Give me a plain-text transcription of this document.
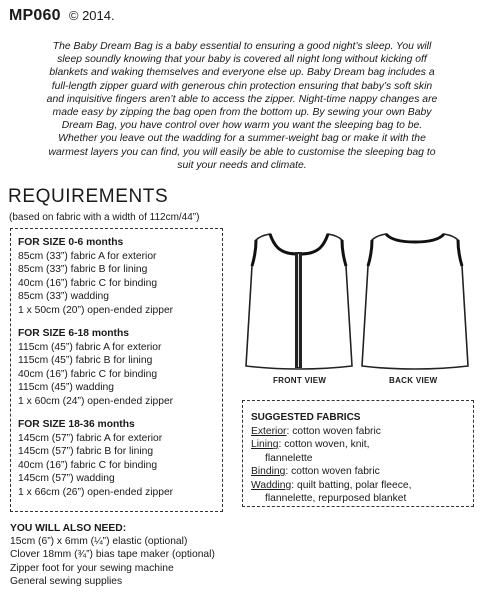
MP060 © 2014.
The Baby Dream Bag is a baby essential to ensuring a good night’s sleep. You will
sleep soundly knowing that your baby is covered all night long without kicking off
blankets and waking themselves and everyone else up. Baby Dream bag includes a
full-length zipper guard with generous chin protection ensuring that baby’s soft skin
and inquisitive fingers aren’t able to access the zipper. Night-time nappy changes are
made easy by zipping the bag open from the bottom up. By sewing your own Baby
Dream Bag, you have control over how warm you want the sleeping bag to be.
Whether you leave out the wadding for a summer-weight bag or make it with the
warmest layers you can find, you will easily be able to customise the sleeping bag to
suit your needs and climate.
REQUIREMENTS
(based on fabric with a width of 112cm/44”)
FOR SIZE 0-6 months
85cm (33”) fabric A for exterior
85cm (33”) fabric B for lining
40cm (16”) fabric C for binding
85cm (33”) wadding
1 x 50cm (20”) open-ended zipper
FOR SIZE 6-18 months
115cm (45”) fabric A for exterior
115cm (45”) fabric B for lining
40cm (16”) fabric C for binding
115cm (45”) wadding
1 x 60cm (24”) open-ended zipper
FOR SIZE 18-36 months
145cm (57”) fabric A for exterior
145cm (57”) fabric B for lining
40cm (16”) fabric C for binding
145cm (57”) wadding
1 x 66cm (26”) open-ended zipper
FRONT VIEW	BACK VIEW
SUGGESTED FABRICS
Exterior: cotton woven fabric
Lining: cotton woven, knit,
flannelette
Binding: cotton woven fabric
Wadding: quilt batting, polar fleece,
flannelette, repurposed blanket
YOU WILL ALSO NEED:
15cm (6”) x 6mm (¼”) elastic (optional)
Clover 18mm (¾”) bias tape maker (optional)
Zipper foot for your sewing machine
General sewing supplies
